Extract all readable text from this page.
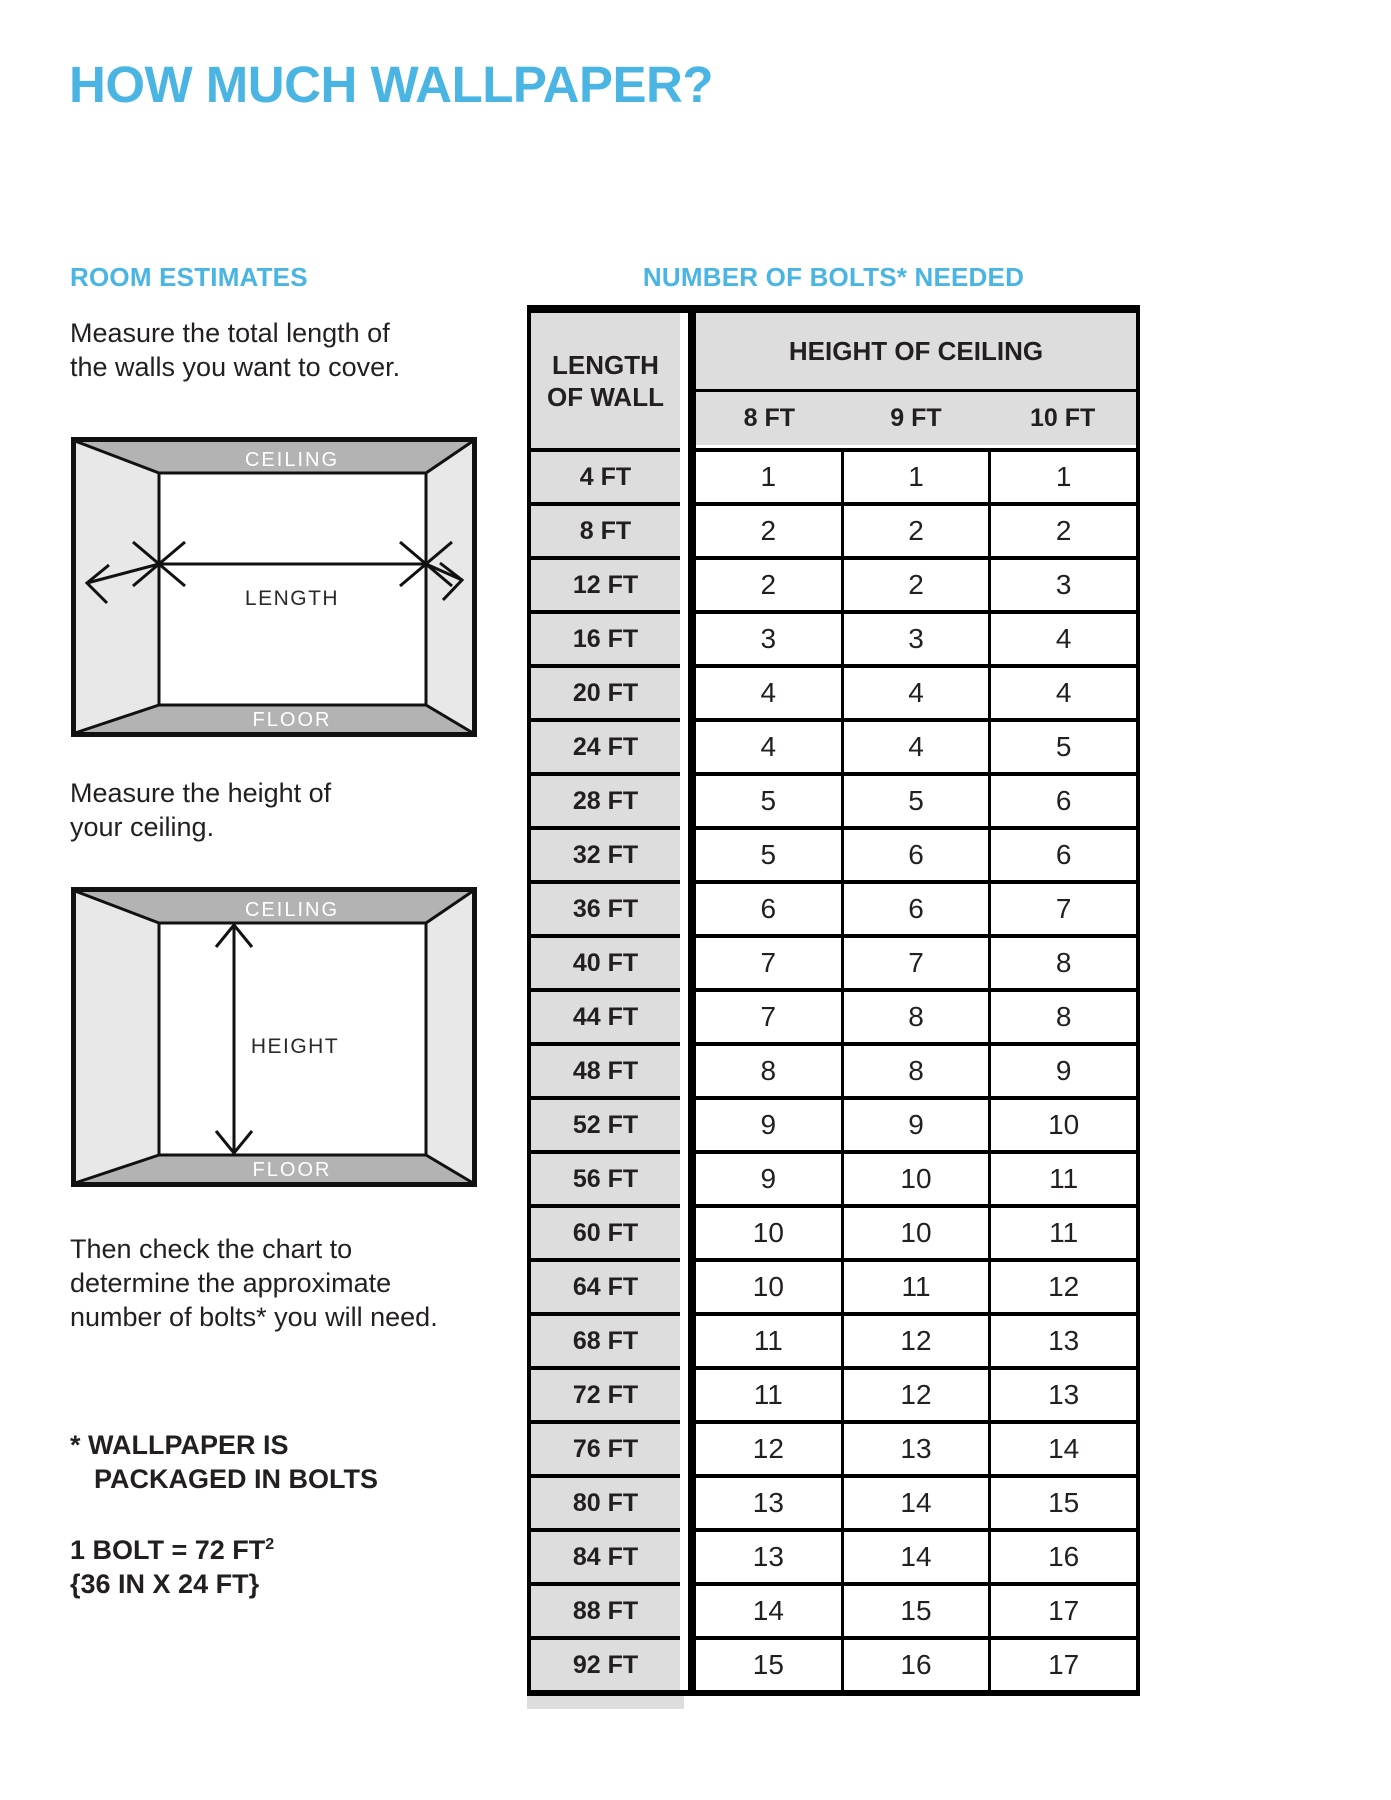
HOW MUCH WALLPAPER?
ROOM ESTIMATES
Measure the total length of
the walls you want to cover.
CEILING
LENGTH
FLOOR
Measure the height of
your ceiling.
CEILING
HEIGHT
FLOOR
Then check the chart to
determine the approximate
number of bolts* you will need.
* WALLPAPER IS
PACKAGED IN BOLTS
1 BOLT = 72 $FT^2$
{36 IN X 24 FT}
NUMBER OF BOLTS* NEEDED
LENGTH
OF WALL
HEIGHT OF CEILING
8 FT	9 FT	10 FT
4 FT	1	1	1
8 FT	2	2	2
12 FT	2	2	3
16 FT	3	3	4
20 FT	4	4	4
24 FT	4	4	5
28 FT	5	5	6
32 FT	5	6	6
36 FT	6	6	7
40 FT	7	7	8
44 FT	7	8	8
48 FT	8	8	9
52 FT	9	9	10
56 FT	9	10	11
60 FT	10	10	11
64 FT	10	11	12
68 FT	11	12	13
72 FT	11	12	13
76 FT	12	13	14
80 FT	13	14	15
84 FT	13	14	16
88 FT	14	15	17
92 FT	15	16	17
